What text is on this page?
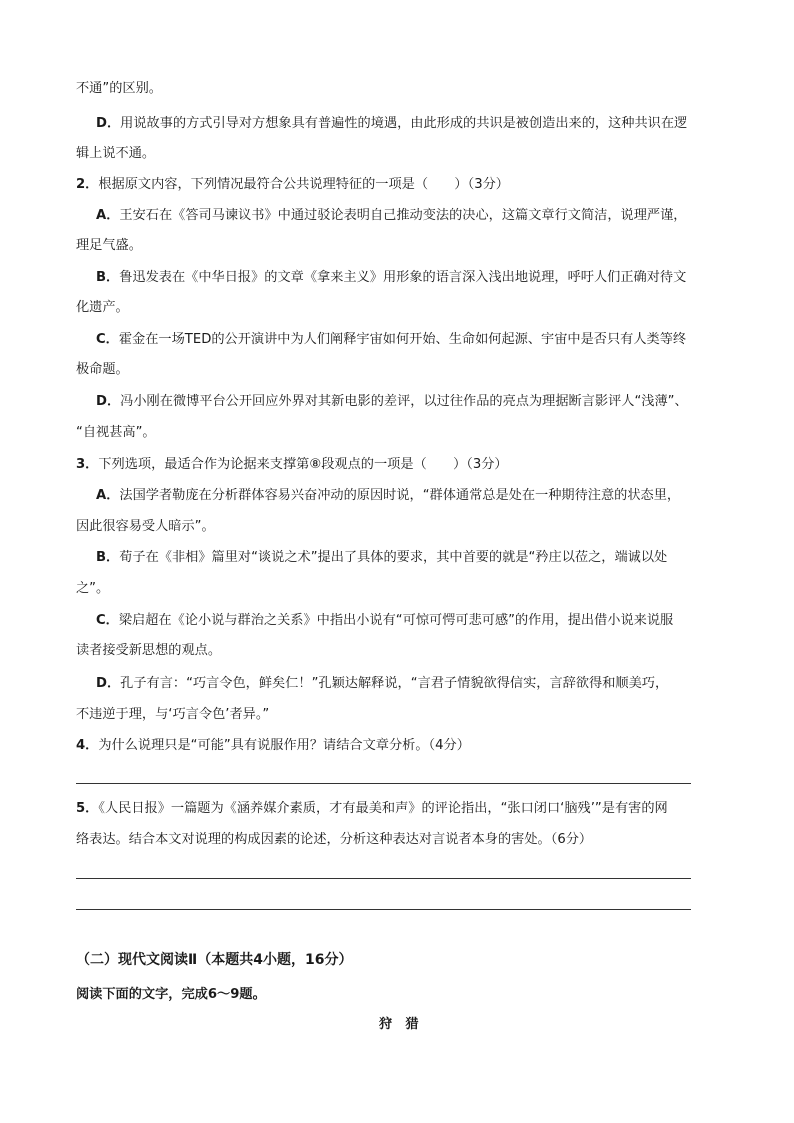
不通”的区别。
D．用说故事的方式引导对方想象具有普遍性的境遇，由此形成的共识是被创造出来的，这种共识在逻
辑上说不通。
2．根据原文内容，下列情况最符合公共说理特征的一项是（　　）（3分）
A．王安石在《答司马谏议书》中通过驳论表明自己推动变法的决心，这篇文章行文简洁，说理严谨，
理足气盛。
B．鲁迅发表在《中华日报》的文章《拿来主义》用形象的语言深入浅出地说理，呼吁人们正确对待文
化遗产。
C．霍金在一场TED的公开演讲中为人们阐释宇宙如何开始、生命如何起源、宇宙中是否只有人类等终
极命题。
D．冯小刚在微博平台公开回应外界对其新电影的差评，以过往作品的亮点为理据断言影评人“浅薄”、
“自视甚高”。
3．下列选项，最适合作为论据来支撑第⑧段观点的一项是（　　）（3分）
A．法国学者勒庞在分析群体容易兴奋冲动的原因时说，“群体通常总是处在一种期待注意的状态里，
因此很容易受人暗示”。
B．荀子在《非相》篇里对“谈说之术”提出了具体的要求，其中首要的就是“矜庄以莅之，端诚以处
之”。
C．梁启超在《论小说与群治之关系》中指出小说有“可惊可愕可悲可感”的作用，提出借小说来说服
读者接受新思想的观点。
D．孔子有言：“巧言令色，鲜矣仁！”孔颖达解释说，“言君子情貌欲得信实，言辞欲得和顺美巧，
不违逆于理，与‘巧言令色’者异。”
4．为什么说理只是“可能”具有说服作用？请结合文章分析。（4分）
5．《人民日报》一篇题为《涵养媒介素质，才有最美和声》的评论指出，“张口闭口‘脑残’”是有害的网
络表达。结合本文对说理的构成因素的论述，分析这种表达对言说者本身的害处。（6分）
（二）现代文阅读Ⅱ（本题共4小题，16分）
阅读下面的文字，完成6～9题。
狩　猎
